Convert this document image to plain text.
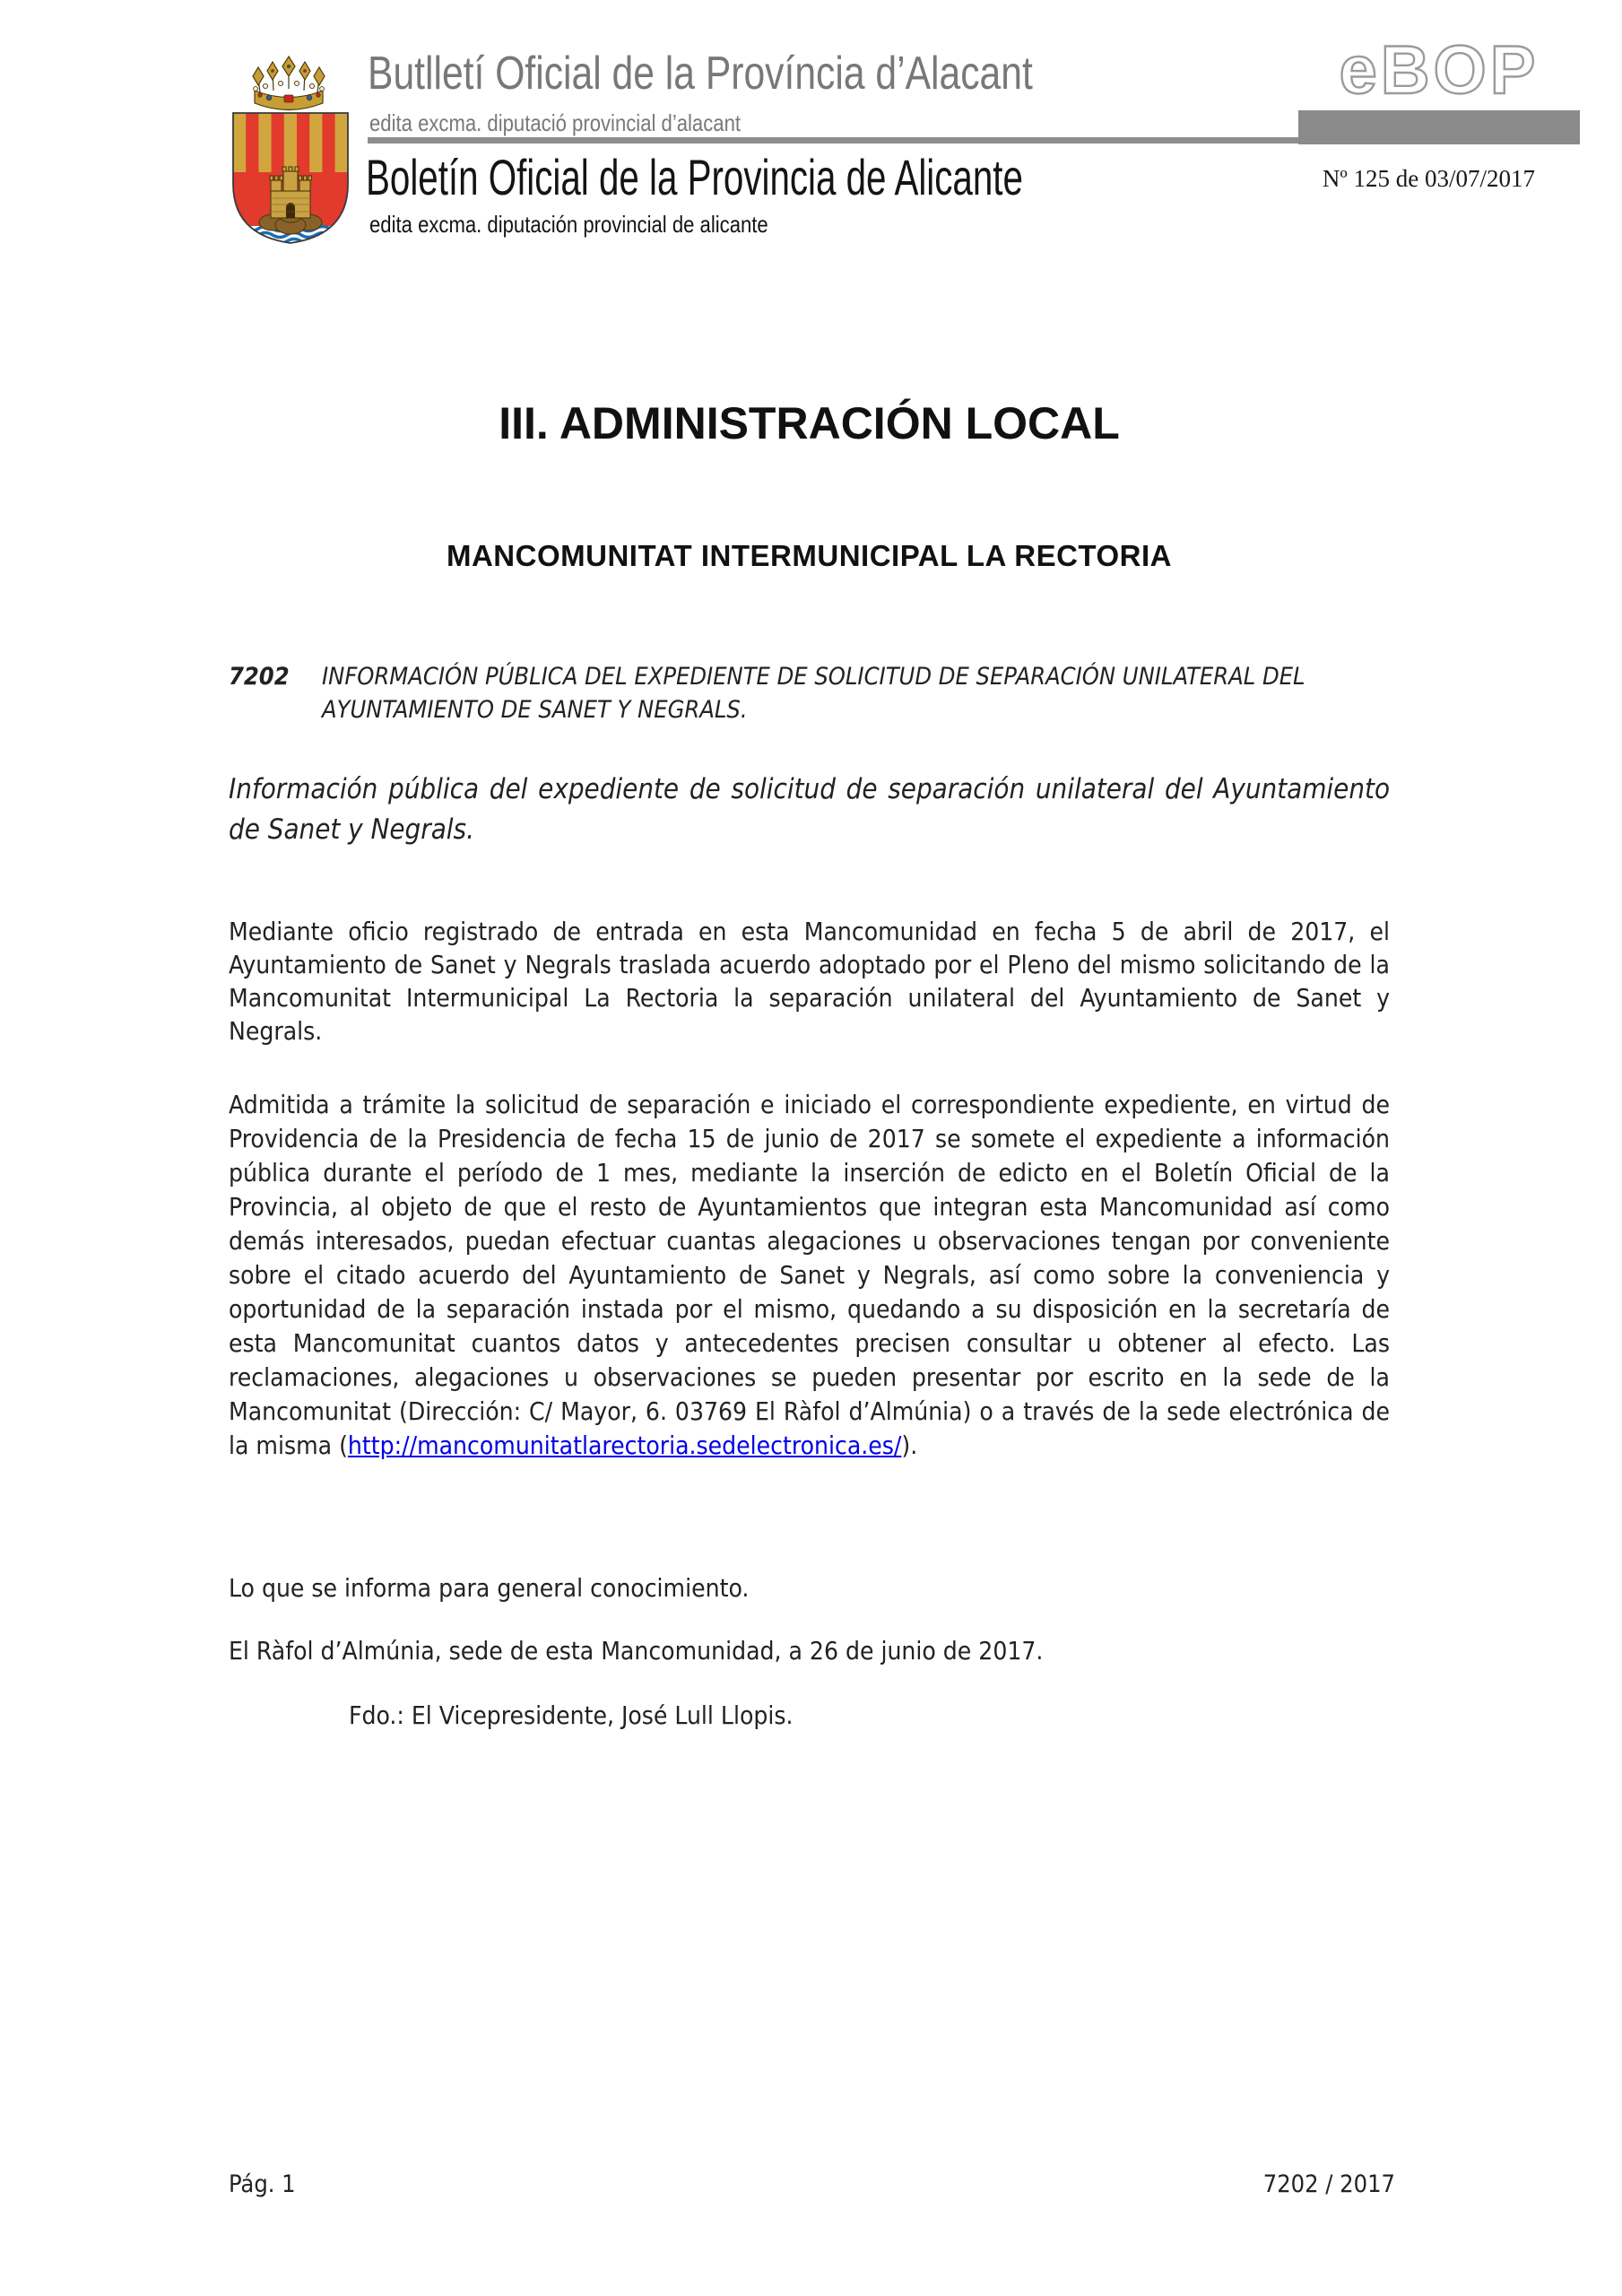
Butlletí Oficial de la Província d’Alacant
edita excma. diputació provincial d’alacant
eBOP
Boletín Oficial de la Provincia de Alicante
edita excma. diputación provincial de alicante
Nº 125 de 03/07/2017
III. ADMINISTRACIÓN LOCAL
MANCOMUNITAT INTERMUNICIPAL LA RECTORIA
7202	INFORMACIÓN PÚBLICA DEL EXPEDIENTE DE SOLICITUD DE SEPARACIÓN UNILATERAL DEL AYUNTAMIENTO DE SANET Y NEGRALS.
Información pública del expediente de solicitud de separación unilateral del Ayuntamiento de Sanet y Negrals.
Mediante oficio registrado de entrada en esta Mancomunidad en fecha 5 de abril de 2017, el Ayuntamiento de Sanet y Negrals traslada acuerdo adoptado por el Pleno del mismo solicitando de la Mancomunitat Intermunicipal La Rectoria la separación unilateral del Ayuntamiento de Sanet y Negrals.
Admitida a trámite la solicitud de separación e iniciado el correspondiente expediente, en virtud de Providencia de la Presidencia de fecha 15 de junio de 2017 se somete el expediente a información pública durante el período de 1 mes, mediante la inserción de edicto en el Boletín Oficial de la Provincia, al objeto de que el resto de Ayuntamientos que integran esta Mancomunidad así como demás interesados, puedan efectuar cuantas alegaciones u observaciones tengan por conveniente sobre el citado acuerdo del Ayuntamiento de Sanet y Negrals, así como sobre la conveniencia y oportunidad de la separación instada por el mismo, quedando a su disposición en la secretaría de esta Mancomunitat cuantos datos y antecedentes precisen consultar u obtener al efecto. Las reclamaciones, alegaciones u observaciones se pueden presentar por escrito en la sede de la Mancomunitat (Dirección: C/ Mayor, 6. 03769 El Ràfol d’Almúnia) o a través de la sede electrónica de la misma (http://mancomunitatlarectoria.sedelectronica.es/).
Lo que se informa para general conocimiento.
El Ràfol d’Almúnia, sede de esta Mancomunidad, a 26 de junio de 2017.
Fdo.: El Vicepresidente, José Lull Llopis.
Pág. 1	7202 / 2017
